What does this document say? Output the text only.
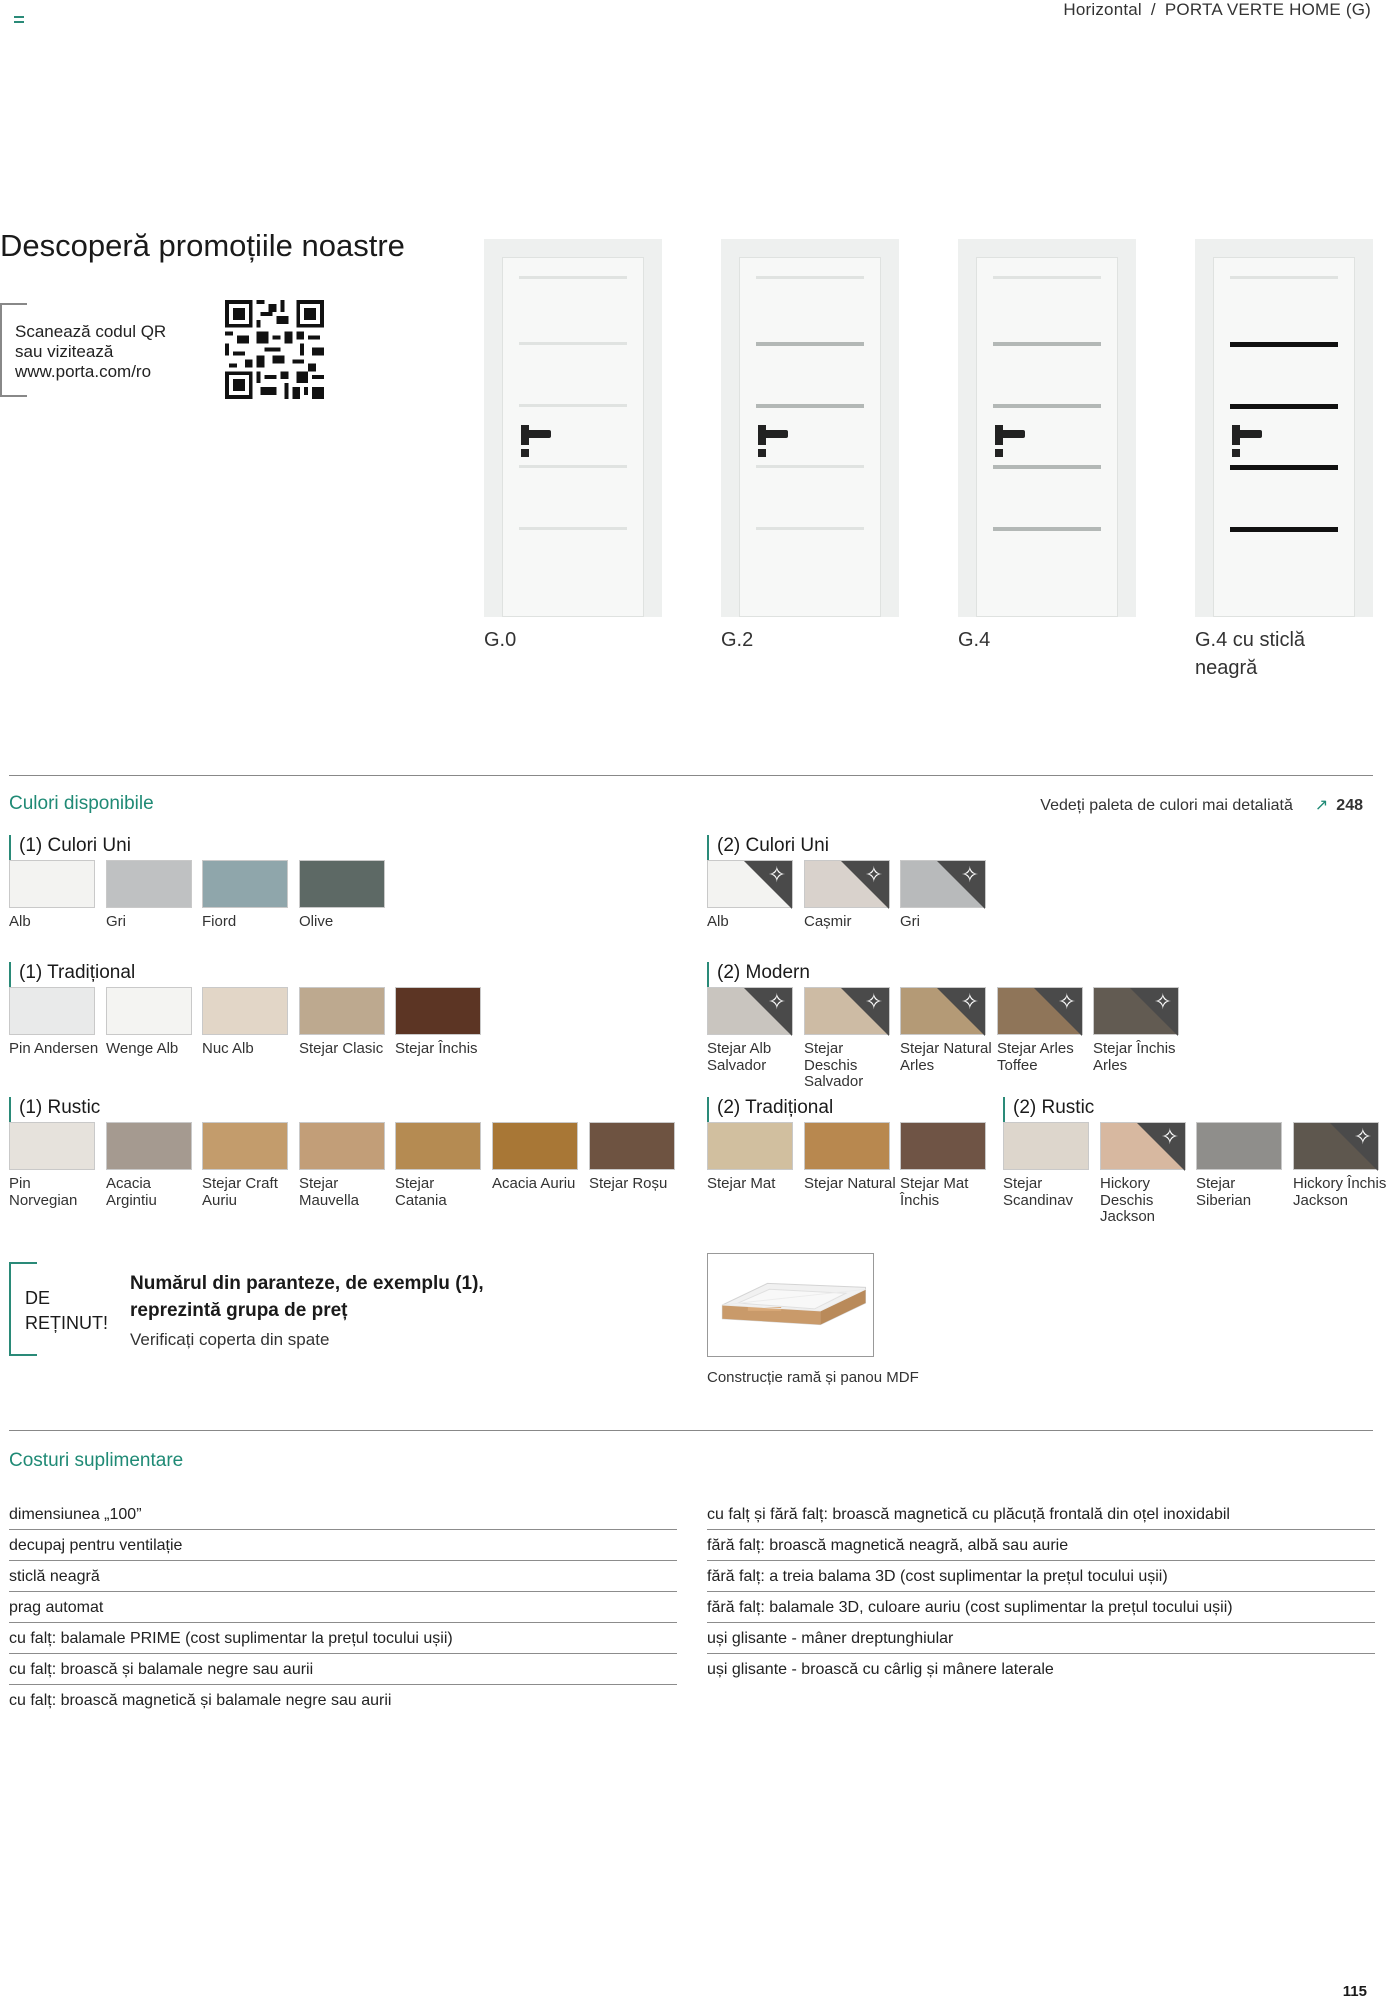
Horizontal / PORTA VERTE HOME (G)
Descoperă promoțiile noastre
Scanează codul QR
sau vizitează
www.porta.com/ro
G.0	G.2	G.4	G.4 cu sticlă neagră
Culori disponibile	Vedeți paleta de culori mai detaliată ↗ 248
(1) Culori Uni
Alb	Gri	Fiord	Olive
(2) Culori Uni
✧
Alb
✧
Cașmir
✧
Gri
(1) Tradițional
Pin Andersen Wenge Alb	Nuc Alb	Stejar Clasic Stejar Închis
(2) Modern
✧
Stejar Alb Salvador
✧
Stejar Deschis Salvador
✧
Stejar Natural Arles
✧
Stejar Arles Toffee
✧
Stejar Închis Arles
(1) Rustic
Pin Norvegian
Acacia Argintiu
Stejar Craft Auriu
Stejar Mauvella
Stejar Catania
Acacia Auriu Stejar Roșu
(2) Tradițional
Stejar Mat	Stejar Natural Stejar Mat Închis
(2) Rustic
Stejar Scandinav
✧
Hickory Deschis Jackson
Stejar Siberian
✧
Hickory Închis Jackson
DE
REȚINUT!
Numărul din paranteze, de exemplu (1),
reprezintă grupa de preț
Verificați coperta din spate
Construcție ramă și panou MDF
Costuri suplimentare
dimensiunea „100”
decupaj pentru ventilație
sticlă neagră
prag automat
cu falț: balamale PRIME (cost suplimentar la prețul tocului ușii)
cu falț: broască și balamale negre sau aurii
cu falț: broască magnetică și balamale negre sau aurii
cu falț și fără falț: broască magnetică cu plăcuță frontală din oțel inoxidabil
fără falț: broască magnetică neagră, albă sau aurie
fără falț: a treia balama 3D (cost suplimentar la prețul tocului ușii)
fără falț: balamale 3D, culoare auriu (cost suplimentar la prețul tocului ușii)
uși glisante - mâner dreptunghiular
uși glisante - broască cu cârlig și mânere laterale
115
